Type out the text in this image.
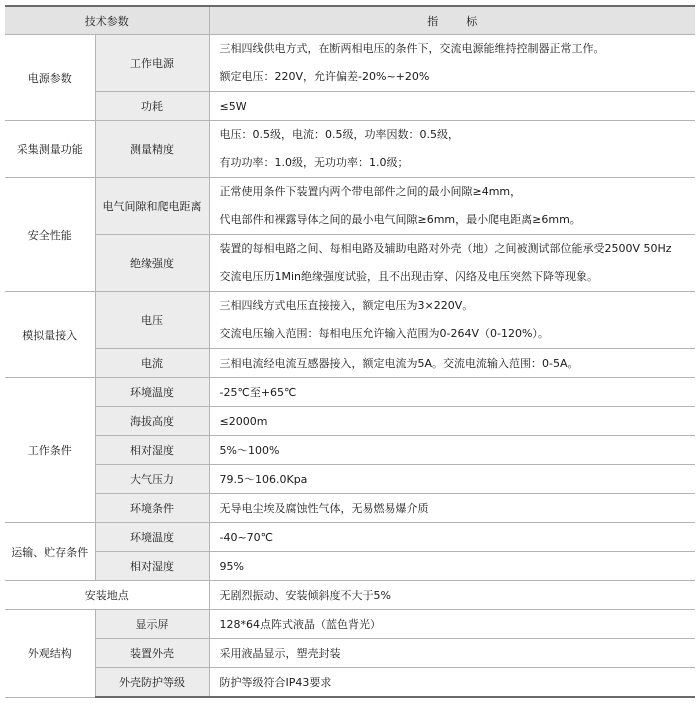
技术参数		指        标
电源参数	工作电源	三相四线供电方式，在断两相电压的条件下，交流电源能维持控制器正常工作。
额定电压：220V，允许偏差-20%~+20%

	功耗	≤5W
采集测量功能	测量精度	电压：0.5级，电流：0.5级，功率因数：0.5级，
有功功率：1.0级，无功功率：1.0级；

安全性能	电气间隙和爬电距离	正常使用条件下装置内两个带电部件之间的最小间隙≥4mm，
代电部件和裸露导体之间的最小电气间隙≥6mm，最小爬电距离≥6mm。

	绝缘强度	装置的每相电路之间、每相电路及辅助电路对外壳（地）之间被测试部位能承受2500V 50Hz
交流电压历1Min绝缘强度试验，且不出现击穿、闪络及电压突然下降等现象。

模拟量接入	电压	三相四线方式电压直接接入，额定电压为3×220V。
交流电压输入范围：每相电压允许输入范围为0-264V（0-120%）。

	电流	三相电流经电流互感器接入，额定电流为5A。交流电流输入范围：0-5A。
工作条件	环境温度	-25℃至+65℃
	海拔高度	≤2000m
	相对湿度	5%～100%
	大气压力	79.5～106.0Kpa
	环境条件	无导电尘埃及腐蚀性气体，无易燃易爆介质
运输、贮存条件	环境温度	-40~70℃
	相对湿度	95%
安装地点		无剧烈振动、安装倾斜度不大于5%
外观结构	显示屏	128*64点阵式液晶（蓝色背光）
	装置外壳	采用液晶显示，塑壳封装
	外壳防护等级	防护等级符合IP43要求
